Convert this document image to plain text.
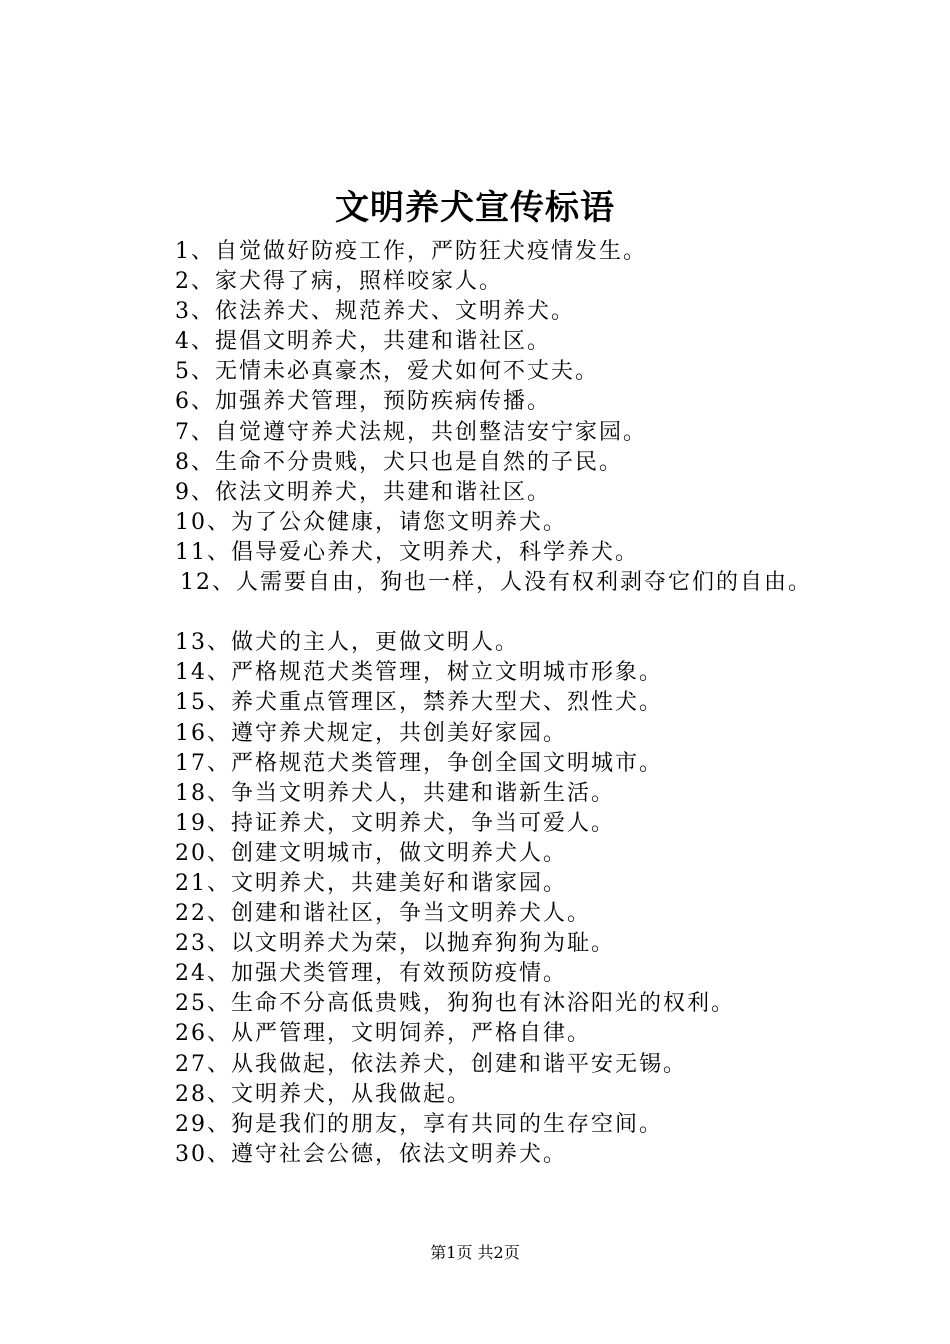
文明养犬宣传标语
1、自觉做好防疫工作，严防狂犬疫情发生。
2、家犬得了病，照样咬家人。
3、依法养犬、规范养犬、文明养犬。
4、提倡文明养犬，共建和谐社区。
5、无情未必真豪杰，爱犬如何不丈夫。
6、加强养犬管理，预防疾病传播。
7、自觉遵守养犬法规，共创整洁安宁家园。
8、生命不分贵贱，犬只也是自然的子民。
9、依法文明养犬，共建和谐社区。
10、为了公众健康，请您文明养犬。
11、倡导爱心养犬，文明养犬，科学养犬。
12、人需要自由，狗也一样，人没有权利剥夺它们的自由。
13、做犬的主人，更做文明人。
14、严格规范犬类管理，树立文明城市形象。
15、养犬重点管理区，禁养大型犬、烈性犬。
16、遵守养犬规定，共创美好家园。
17、严格规范犬类管理，争创全国文明城市。
18、争当文明养犬人，共建和谐新生活。
19、持证养犬，文明养犬，争当可爱人。
20、创建文明城市，做文明养犬人。
21、文明养犬，共建美好和谐家园。
22、创建和谐社区，争当文明养犬人。
23、以文明养犬为荣，以抛弃狗狗为耻。
24、加强犬类管理，有效预防疫情。
25、生命不分高低贵贱，狗狗也有沐浴阳光的权利。
26、从严管理，文明饲养，严格自律。
27、从我做起，依法养犬，创建和谐平安无锡。
28、文明养犬，从我做起。
29、狗是我们的朋友，享有共同的生存空间。
30、遵守社会公德，依法文明养犬。
第1页 共2页
